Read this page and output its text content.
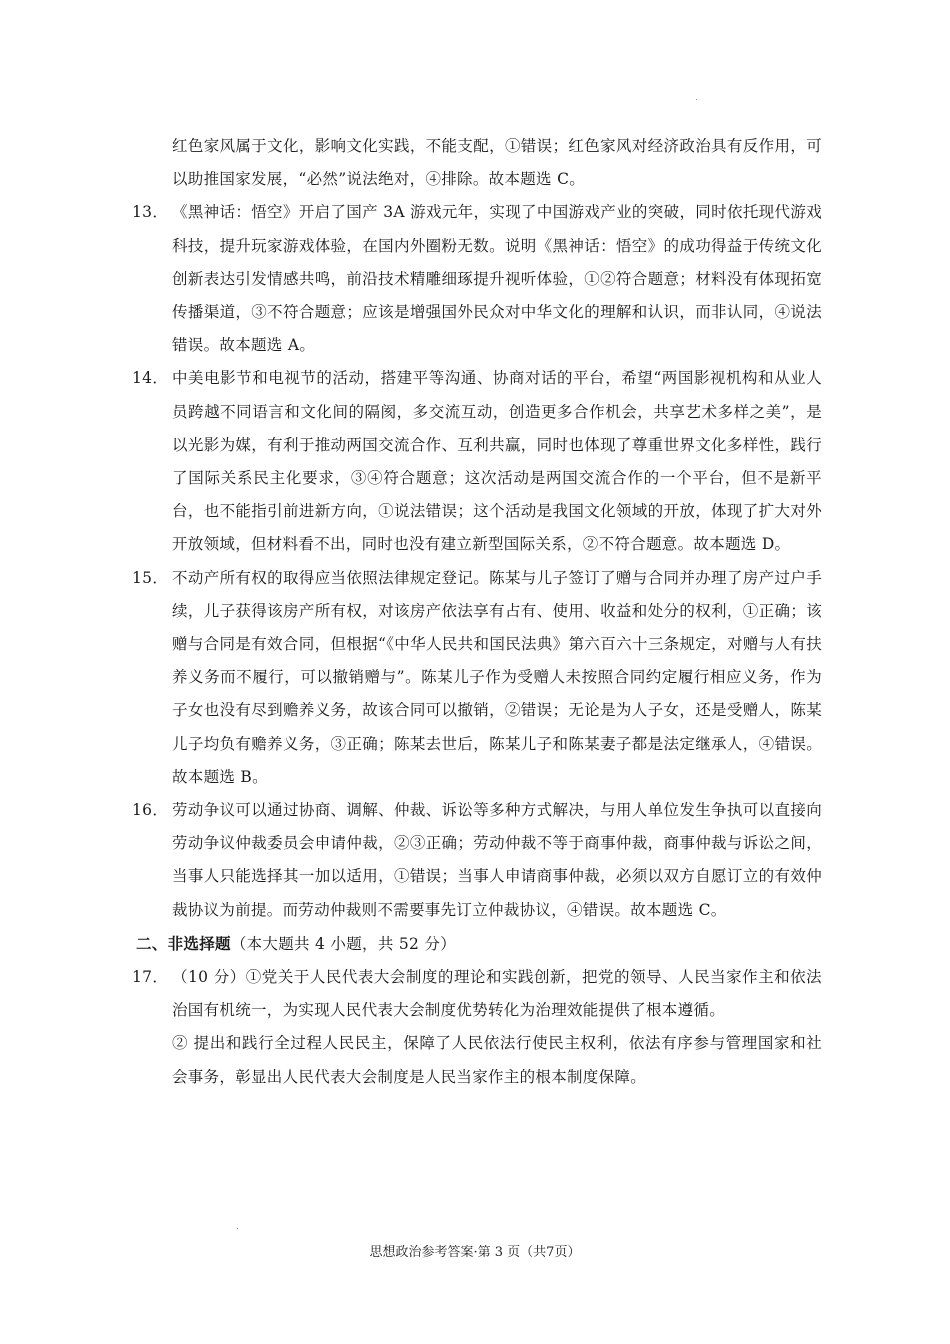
红色家风属于文化，影响文化实践，不能支配，①错误；红色家风对经济政治具有反作用，可以助推国家发展，“必然”说法绝对，④排除。故本题选 C。
13． 《黑神话：悟空》开启了国产 3A 游戏元年，实现了中国游戏产业的突破，同时依托现代游戏科技，提升玩家游戏体验，在国内外圈粉无数。说明《黑神话：悟空》的成功得益于传统文化创新表达引发情感共鸣，前沿技术精雕细琢提升视听体验，①②符合题意；材料没有体现拓宽传播渠道，③不符合题意；应该是增强国外民众对中华文化的理解和认识，而非认同，④说法错误。故本题选 A。
14． 中美电影节和电视节的活动，搭建平等沟通、协商对话的平台，希望“两国影视机构和从业人员跨越不同语言和文化间的隔阂，多交流互动，创造更多合作机会，共享艺术多样之美”，是以光影为媒，有利于推动两国交流合作、互利共赢，同时也体现了尊重世界文化多样性，践行了国际关系民主化要求，③④符合题意；这次活动是两国交流合作的一个平台，但不是新平台，也不能指引前进新方向，①说法错误；这个活动是我国文化领域的开放，体现了扩大对外开放领域，但材料看不出，同时也没有建立新型国际关系，②不符合题意。故本题选 D。
15． 不动产所有权的取得应当依照法律规定登记。陈某与儿子签订了赠与合同并办理了房产过户手续，儿子获得该房产所有权，对该房产依法享有占有、使用、收益和处分的权利，①正确；该赠与合同是有效合同，但根据“《中华人民共和国民法典》第六百六十三条规定，对赠与人有扶养义务而不履行，可以撤销赠与”。陈某儿子作为受赠人未按照合同约定履行相应义务，作为子女也没有尽到赡养义务，故该合同可以撤销，②错误；无论是为人子女，还是受赠人，陈某儿子均负有赡养义务，③正确；陈某去世后，陈某儿子和陈某妻子都是法定继承人，④错误。故本题选 B。
16． 劳动争议可以通过协商、调解、仲裁、诉讼等多种方式解决，与用人单位发生争执可以直接向劳动争议仲裁委员会申请仲裁，②③正确；劳动仲裁不等于商事仲裁，商事仲裁与诉讼之间，当事人只能选择其一加以适用，①错误；当事人申请商事仲裁，必须以双方自愿订立的有效仲裁协议为前提。而劳动仲裁则不需要事先订立仲裁协议，④错误。故本题选 C。
二、非选择题（本大题共 4 小题，共 52 分）
17． （10 分）①党关于人民代表大会制度的理论和实践创新，把党的领导、人民当家作主和依法治国有机统一，为实现人民代表大会制度优势转化为治理效能提供了根本遵循。
② 提出和践行全过程人民民主，保障了人民依法行使民主权利，依法有序参与管理国家和社会事务，彰显出人民代表大会制度是人民当家作主的根本制度保障。
思想政治参考答案·第 3 页（共7页）
